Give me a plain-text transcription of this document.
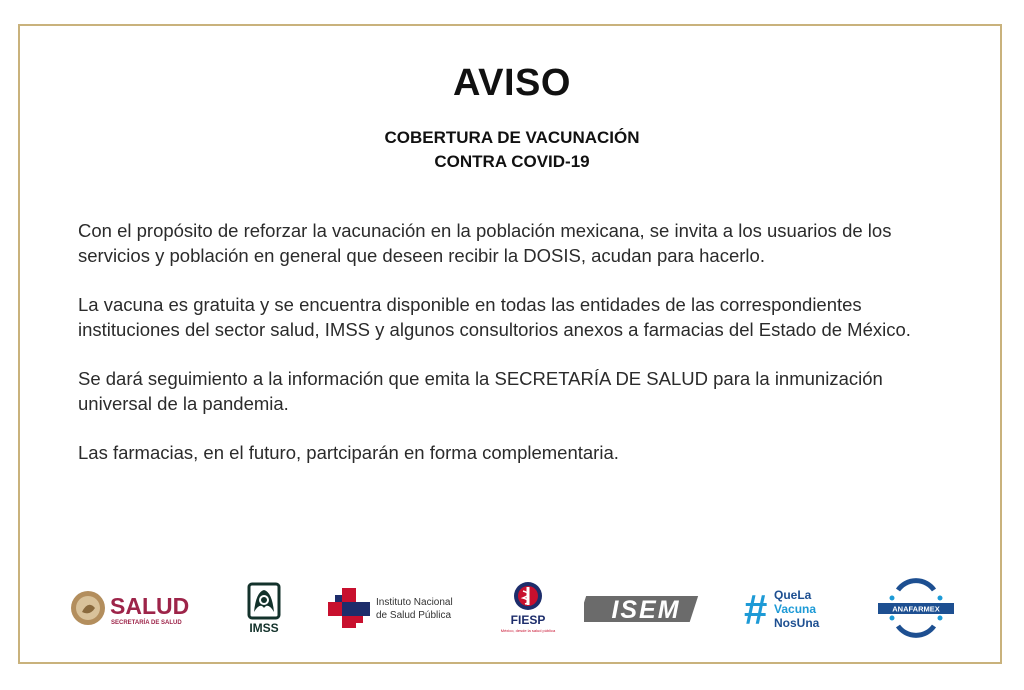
AVISO
COBERTURA DE VACUNACIÓN
CONTRA COVID-19

Con el propósito de reforzar la vacunación en la población mexicana, se invita a los usuarios de los servicios y población en general que deseen recibir la DOSIS, acudan para hacerlo.

La vacuna es gratuita y se encuentra disponible en todas las entidades de las correspondientes instituciones del sector salud, IMSS y algunos consultorios anexos a farmacias del Estado de México.

Se dará seguimiento a la información que emita la SECRETARÍA DE SALUD para la inmunización universal de la pandemia.

Las farmacias, en el futuro, partciparán en forma complementaria.

SALUD
SECRETARÍA DE SALUD	IMSS
Instituto Nacional
de Salud Pública	FIESP
México, desde la salud pública
ISEM # QueLa
Vacuna
NosUna
ANAFARMEX
